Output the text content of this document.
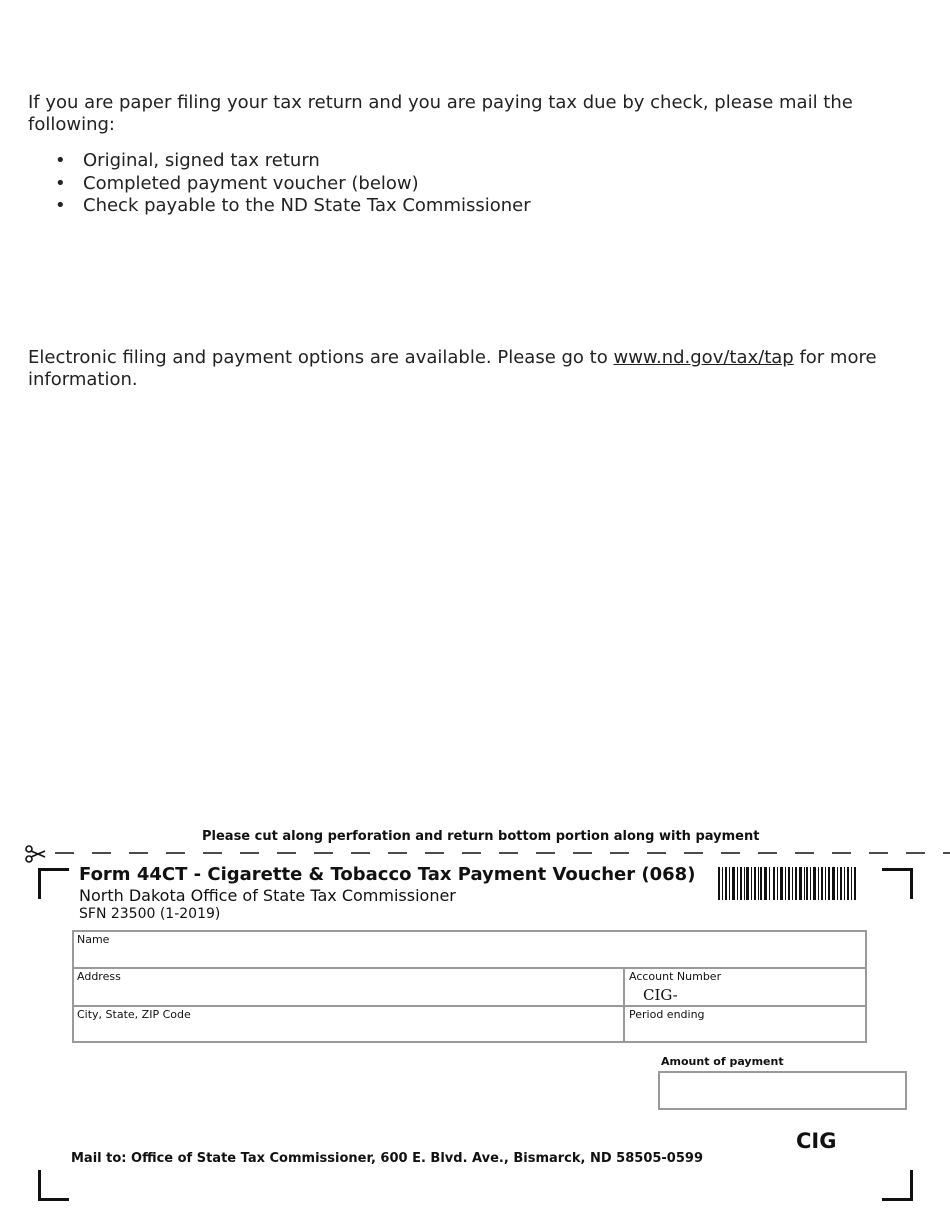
If you are paper filing your tax return and you are paying tax due by check, please mail the following:

• Original, signed tax return
• Completed payment voucher (below)
• Check payable to the ND State Tax Commissioner

Electronic filing and payment options are available. Please go to www.nd.gov/tax/tap for more information.

Please cut along perforation and return bottom portion along with payment
Form 44CT - Cigarette & Tobacco Tax Payment Voucher (068)
North Dakota Office of State Tax Commissioner
SFN 23500 (1-2019)
Name
Address	Account Number
CIG-
City, State, ZIP Code	Period ending
Amount of payment
CIG
Mail to: Office of State Tax Commissioner, 600 E. Blvd. Ave., Bismarck, ND 58505-0599
